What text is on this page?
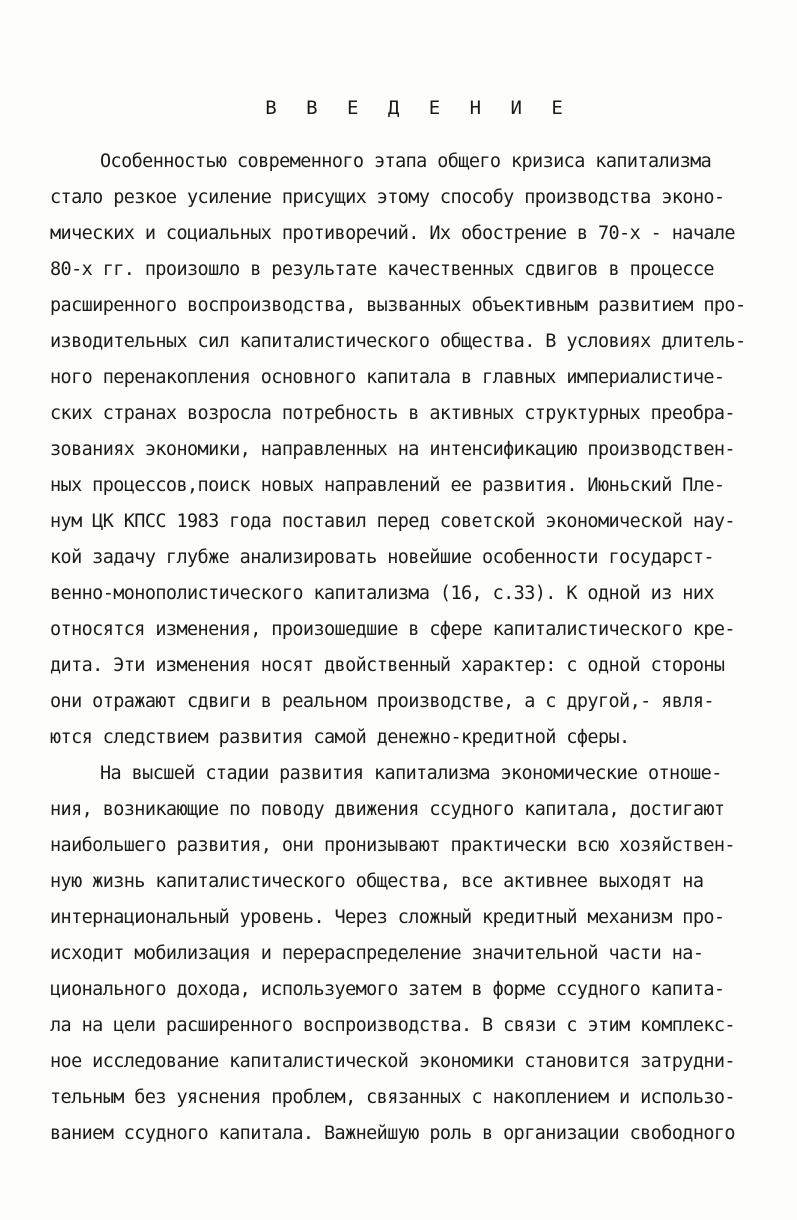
В В Е Д Е Н И Е
Особенностью современного этапа общего кризиса капитализма
стало резкое усиление присущих этому способу производства эконо-
мических и социальных противоречий. Их обострение в 70-х - начале
80-х гг. произошло в результате качественных сдвигов в процессе
расширенного воспроизводства, вызванных объективным развитием про-
изводительных сил капиталистического общества. В условиях длитель-
ного перенакопления основного капитала в главных империалистиче-
ских странах возросла потребность в активных структурных преобра-
зованиях экономики, направленных на интенсификацию производствен-
ных процессов,поиск новых направлений ее развития. Июньский Пле-
нум ЦК КПСС 1983 года поставил перед советской экономической нау-
кой задачу глубже анализировать новейшие особенности государст-
венно-монополистического капитализма (16, с.33). К одной из них
относятся изменения, произошедшие в сфере капиталистического кре-
дита. Эти изменения носят двойственный характер: с одной стороны
они отражают сдвиги в реальном производстве, а с другой,- явля-
ются следствием развития самой денежно-кредитной сферы.
На высшей стадии развития капитализма экономические отноше-
ния, возникающие по поводу движения ссудного капитала, достигают
наибольшего развития, они пронизывают практически всю хозяйствен-
ную жизнь капиталистического общества, все активнее выходят на
интернациональный уровень. Через сложный кредитный механизм про-
исходит мобилизация и перераспределение значительной части на-
ционального дохода, используемого затем в форме ссудного капита-
ла на цели расширенного воспроизводства. В связи с этим комплекс-
ное исследование капиталистической экономики становится затрудни-
тельным без уяснения проблем, связанных с накоплением и использо-
ванием ссудного капитала. Важнейшую роль в организации свободного
